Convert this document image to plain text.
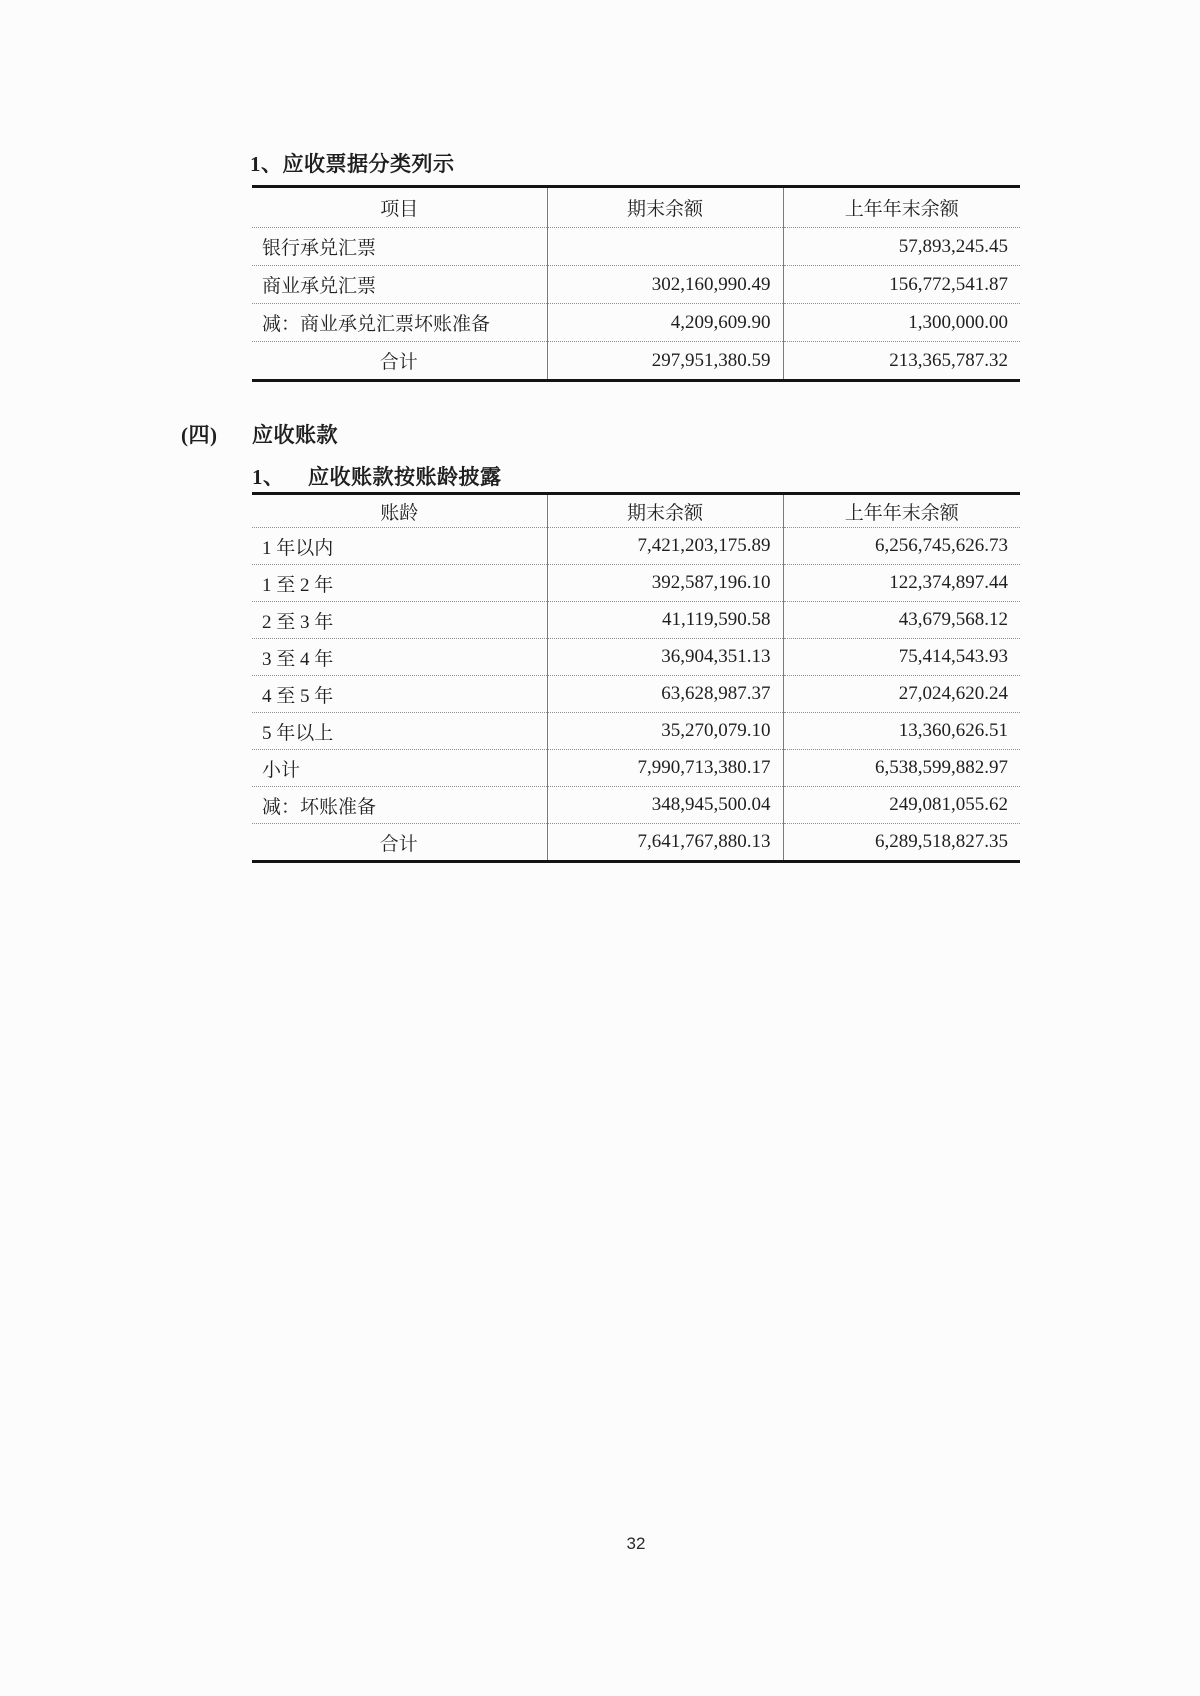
1、应收票据分类列示
项目	期末余额	上年年末余额
银行承兑汇票		57,893,245.45
商业承兑汇票	302,160,990.49	156,772,541.87
减：商业承兑汇票坏账准备	4,209,609.90	1,300,000.00
合计	297,951,380.59	213,365,787.32
(四) 应收账款
1、 应收账款按账龄披露
账龄	期末余额	上年年末余额
1 年以内	7,421,203,175.89	6,256,745,626.73
1 至 2 年	392,587,196.10	122,374,897.44
2 至 3 年	41,119,590.58	43,679,568.12
3 至 4 年	36,904,351.13	75,414,543.93
4 至 5 年	63,628,987.37	27,024,620.24
5 年以上	35,270,079.10	13,360,626.51
小计	7,990,713,380.17	6,538,599,882.97
减：坏账准备	348,945,500.04	249,081,055.62
合计	7,641,767,880.13	6,289,518,827.35
32
